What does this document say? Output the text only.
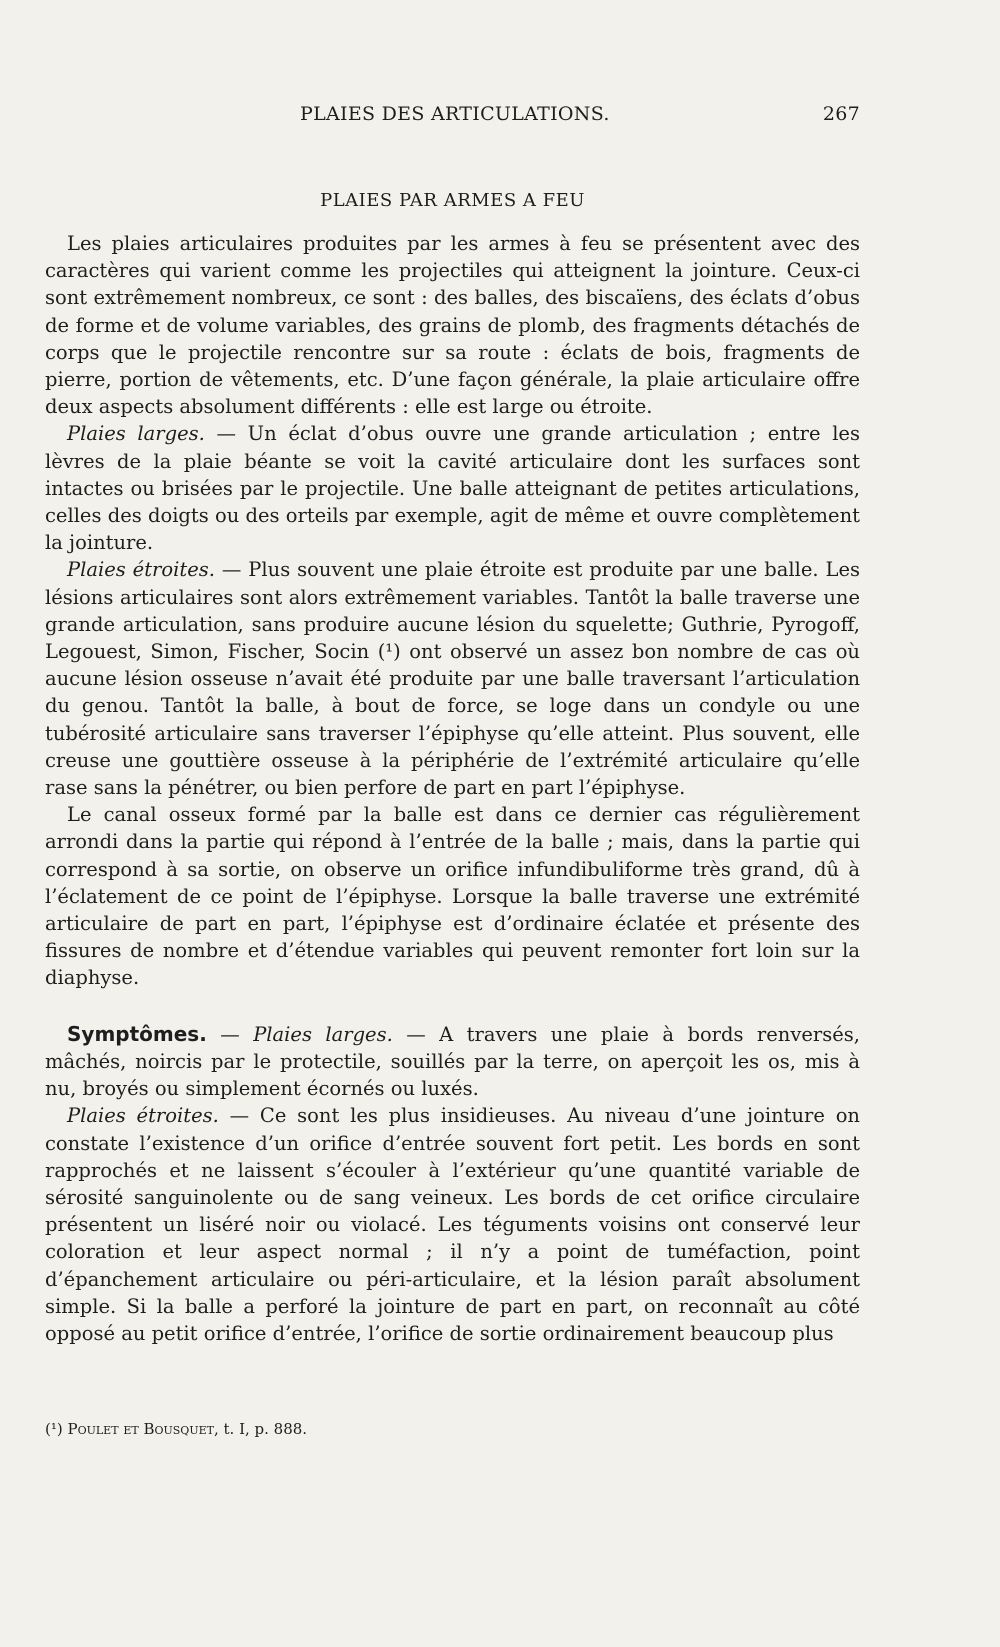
PLAIES DES ARTICULATIONS.	267
PLAIES PAR ARMES A FEU

Les plaies articulaires produites par les armes à feu se présentent avec des caractères qui varient comme les projectiles qui atteignent la jointure. Ceux-ci sont extrêmement nombreux, ce sont : des balles, des biscaïens, des éclats d’obus de forme et de volume variables, des grains de plomb, des fragments détachés de corps que le projectile rencontre sur sa route : éclats de bois, fragments de pierre, portion de vêtements, etc. D’une façon générale, la plaie articulaire offre deux aspects absolument différents : elle est large ou étroite.

Plaies larges. — Un éclat d’obus ouvre une grande articulation ; entre les lèvres de la plaie béante se voit la cavité articulaire dont les surfaces sont intactes ou brisées par le projectile. Une balle atteignant de petites articulations, celles des doigts ou des orteils par exemple, agit de même et ouvre complètement la jointure.

Plaies étroites. — Plus souvent une plaie étroite est produite par une balle. Les lésions articulaires sont alors extrêmement variables. Tantôt la balle traverse une grande articulation, sans produire aucune lésion du squelette; Guthrie, Pyrogoff, Legouest, Simon, Fischer, Socin (¹) ont observé un assez bon nombre de cas où aucune lésion osseuse n’avait été produite par une balle traversant l’articulation du genou. Tantôt la balle, à bout de force, se loge dans un condyle ou une tubérosité articulaire sans traverser l’épiphyse qu’elle atteint. Plus souvent, elle creuse une gouttière osseuse à la périphérie de l’extrémité articulaire qu’elle rase sans la pénétrer, ou bien perfore de part en part l’épiphyse.

Le canal osseux formé par la balle est dans ce dernier cas régulièrement arrondi dans la partie qui répond à l’entrée de la balle ; mais, dans la partie qui correspond à sa sortie, on observe un orifice infundibuliforme très grand, dû à l’éclatement de ce point de l’épiphyse. Lorsque la balle traverse une extrémité articulaire de part en part, l’épiphyse est d’ordinaire éclatée et présente des fissures de nombre et d’étendue variables qui peuvent remonter fort loin sur la diaphyse.

Symptômes. — Plaies larges. — A travers une plaie à bords renversés, mâchés, noircis par le protectile, souillés par la terre, on aperçoit les os, mis à nu, broyés ou simplement écornés ou luxés.

Plaies étroites. — Ce sont les plus insidieuses. Au niveau d’une jointure on constate l’existence d’un orifice d’entrée souvent fort petit. Les bords en sont rapprochés et ne laissent s’écouler à l’extérieur qu’une quantité variable de sérosité sanguinolente ou de sang veineux. Les bords de cet orifice circulaire présentent un liséré noir ou violacé. Les téguments voisins ont conservé leur coloration et leur aspect normal ; il n’y a point de tuméfaction, point d’épanchement articulaire ou péri-articulaire, et la lésion paraît absolument simple. Si la balle a perforé la jointure de part en part, on reconnaît au côté opposé au petit orifice d’entrée, l’orifice de sortie ordinairement beaucoup plus

(¹) Poulet et Bousquet, t. I, p. 888.
